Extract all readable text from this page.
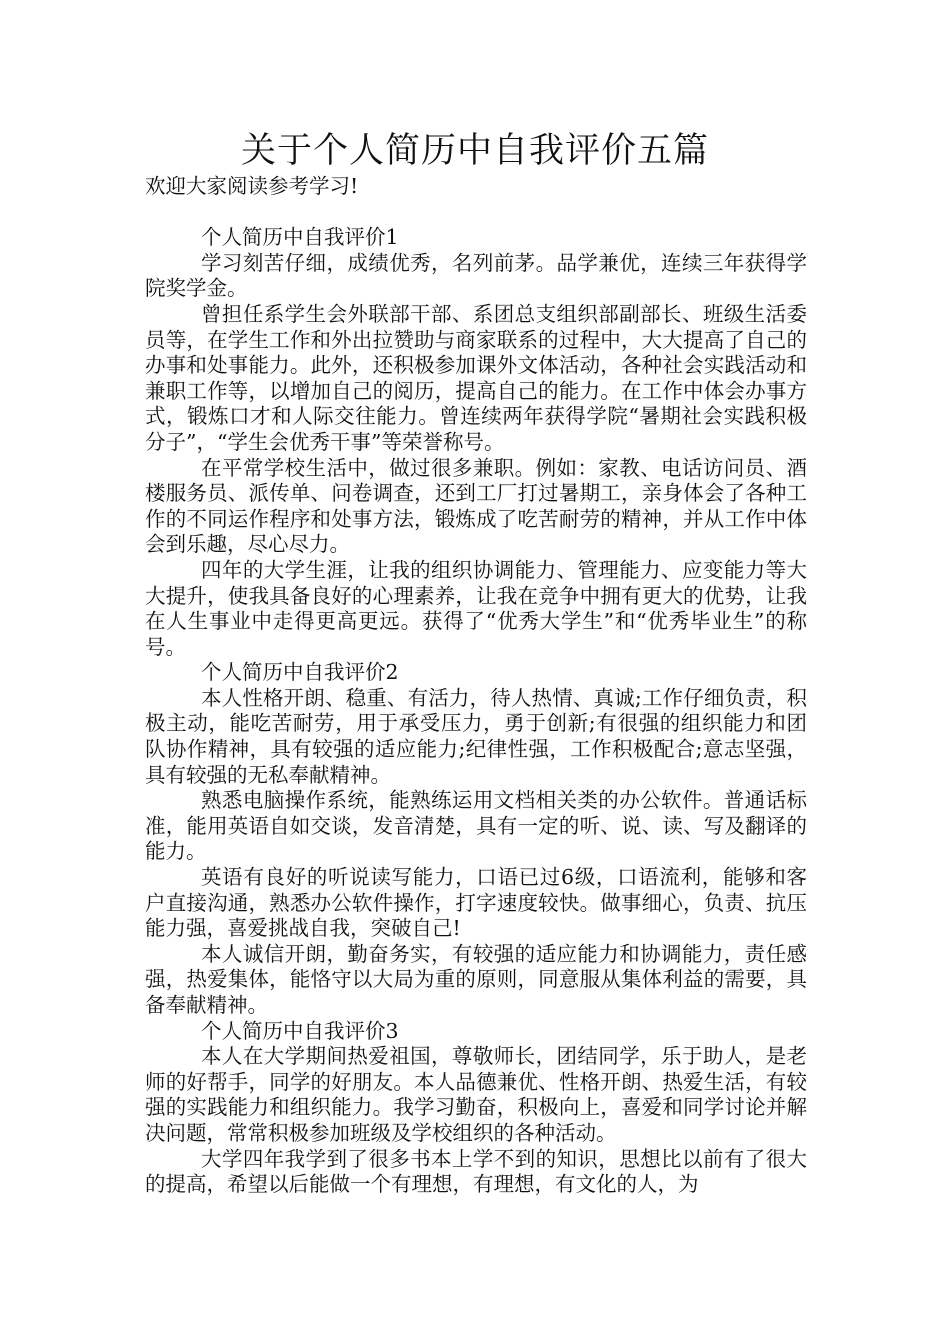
关于个人简历中自我评价五篇

欢迎大家阅读参考学习!

个人简历中自我评价1

学习刻苦仔细，成绩优秀，名列前茅。品学兼优，连续三年获得学院奖学金。

曾担任系学生会外联部干部、系团总支组织部副部长、班级生活委员等，在学生工作和外出拉赞助与商家联系的过程中，大大提高了自己的办事和处事能力。此外，还积极参加课外文体活动，各种社会实践活动和兼职工作等，以增加自己的阅历，提高自己的能力。在工作中体会办事方式，锻炼口才和人际交往能力。曾连续两年获得学院“暑期社会实践积极分子”，“学生会优秀干事”等荣誉称号。

在平常学校生活中，做过很多兼职。例如：家教、电话访问员、酒楼服务员、派传单、问卷调查，还到工厂打过暑期工，亲身体会了各种工作的不同运作程序和处事方法，锻炼成了吃苦耐劳的精神，并从工作中体会到乐趣，尽心尽力。

四年的大学生涯，让我的组织协调能力、管理能力、应变能力等大大提升，使我具备良好的心理素养，让我在竞争中拥有更大的优势，让我在人生事业中走得更高更远。获得了“优秀大学生”和“优秀毕业生”的称号。

个人简历中自我评价2

本人性格开朗、稳重、有活力，待人热情、真诚;工作仔细负责，积极主动，能吃苦耐劳，用于承受压力，勇于创新;有很强的组织能力和团队协作精神，具有较强的适应能力;纪律性强，工作积极配合;意志坚强，具有较强的无私奉献精神。

熟悉电脑操作系统，能熟练运用文档相关类的办公软件。普通话标准，能用英语自如交谈，发音清楚，具有一定的听、说、读、写及翻译的能力。

英语有良好的听说读写能力，口语已过6级，口语流利，能够和客户直接沟通，熟悉办公软件操作，打字速度较快。做事细心，负责、抗压能力强，喜爱挑战自我，突破自己!

本人诚信开朗，勤奋务实，有较强的适应能力和协调能力，责任感强，热爱集体，能恪守以大局为重的原则，同意服从集体利益的需要，具备奉献精神。

个人简历中自我评价3

本人在大学期间热爱祖国，尊敬师长，团结同学，乐于助人，是老师的好帮手，同学的好朋友。本人品德兼优、性格开朗、热爱生活，有较强的实践能力和组织能力。我学习勤奋，积极向上，喜爱和同学讨论并解决问题，常常积极参加班级及学校组织的各种活动。

大学四年我学到了很多书本上学不到的知识，思想比以前有了很大的提高，希望以后能做一个有理想，有理想，有文化的人，为
